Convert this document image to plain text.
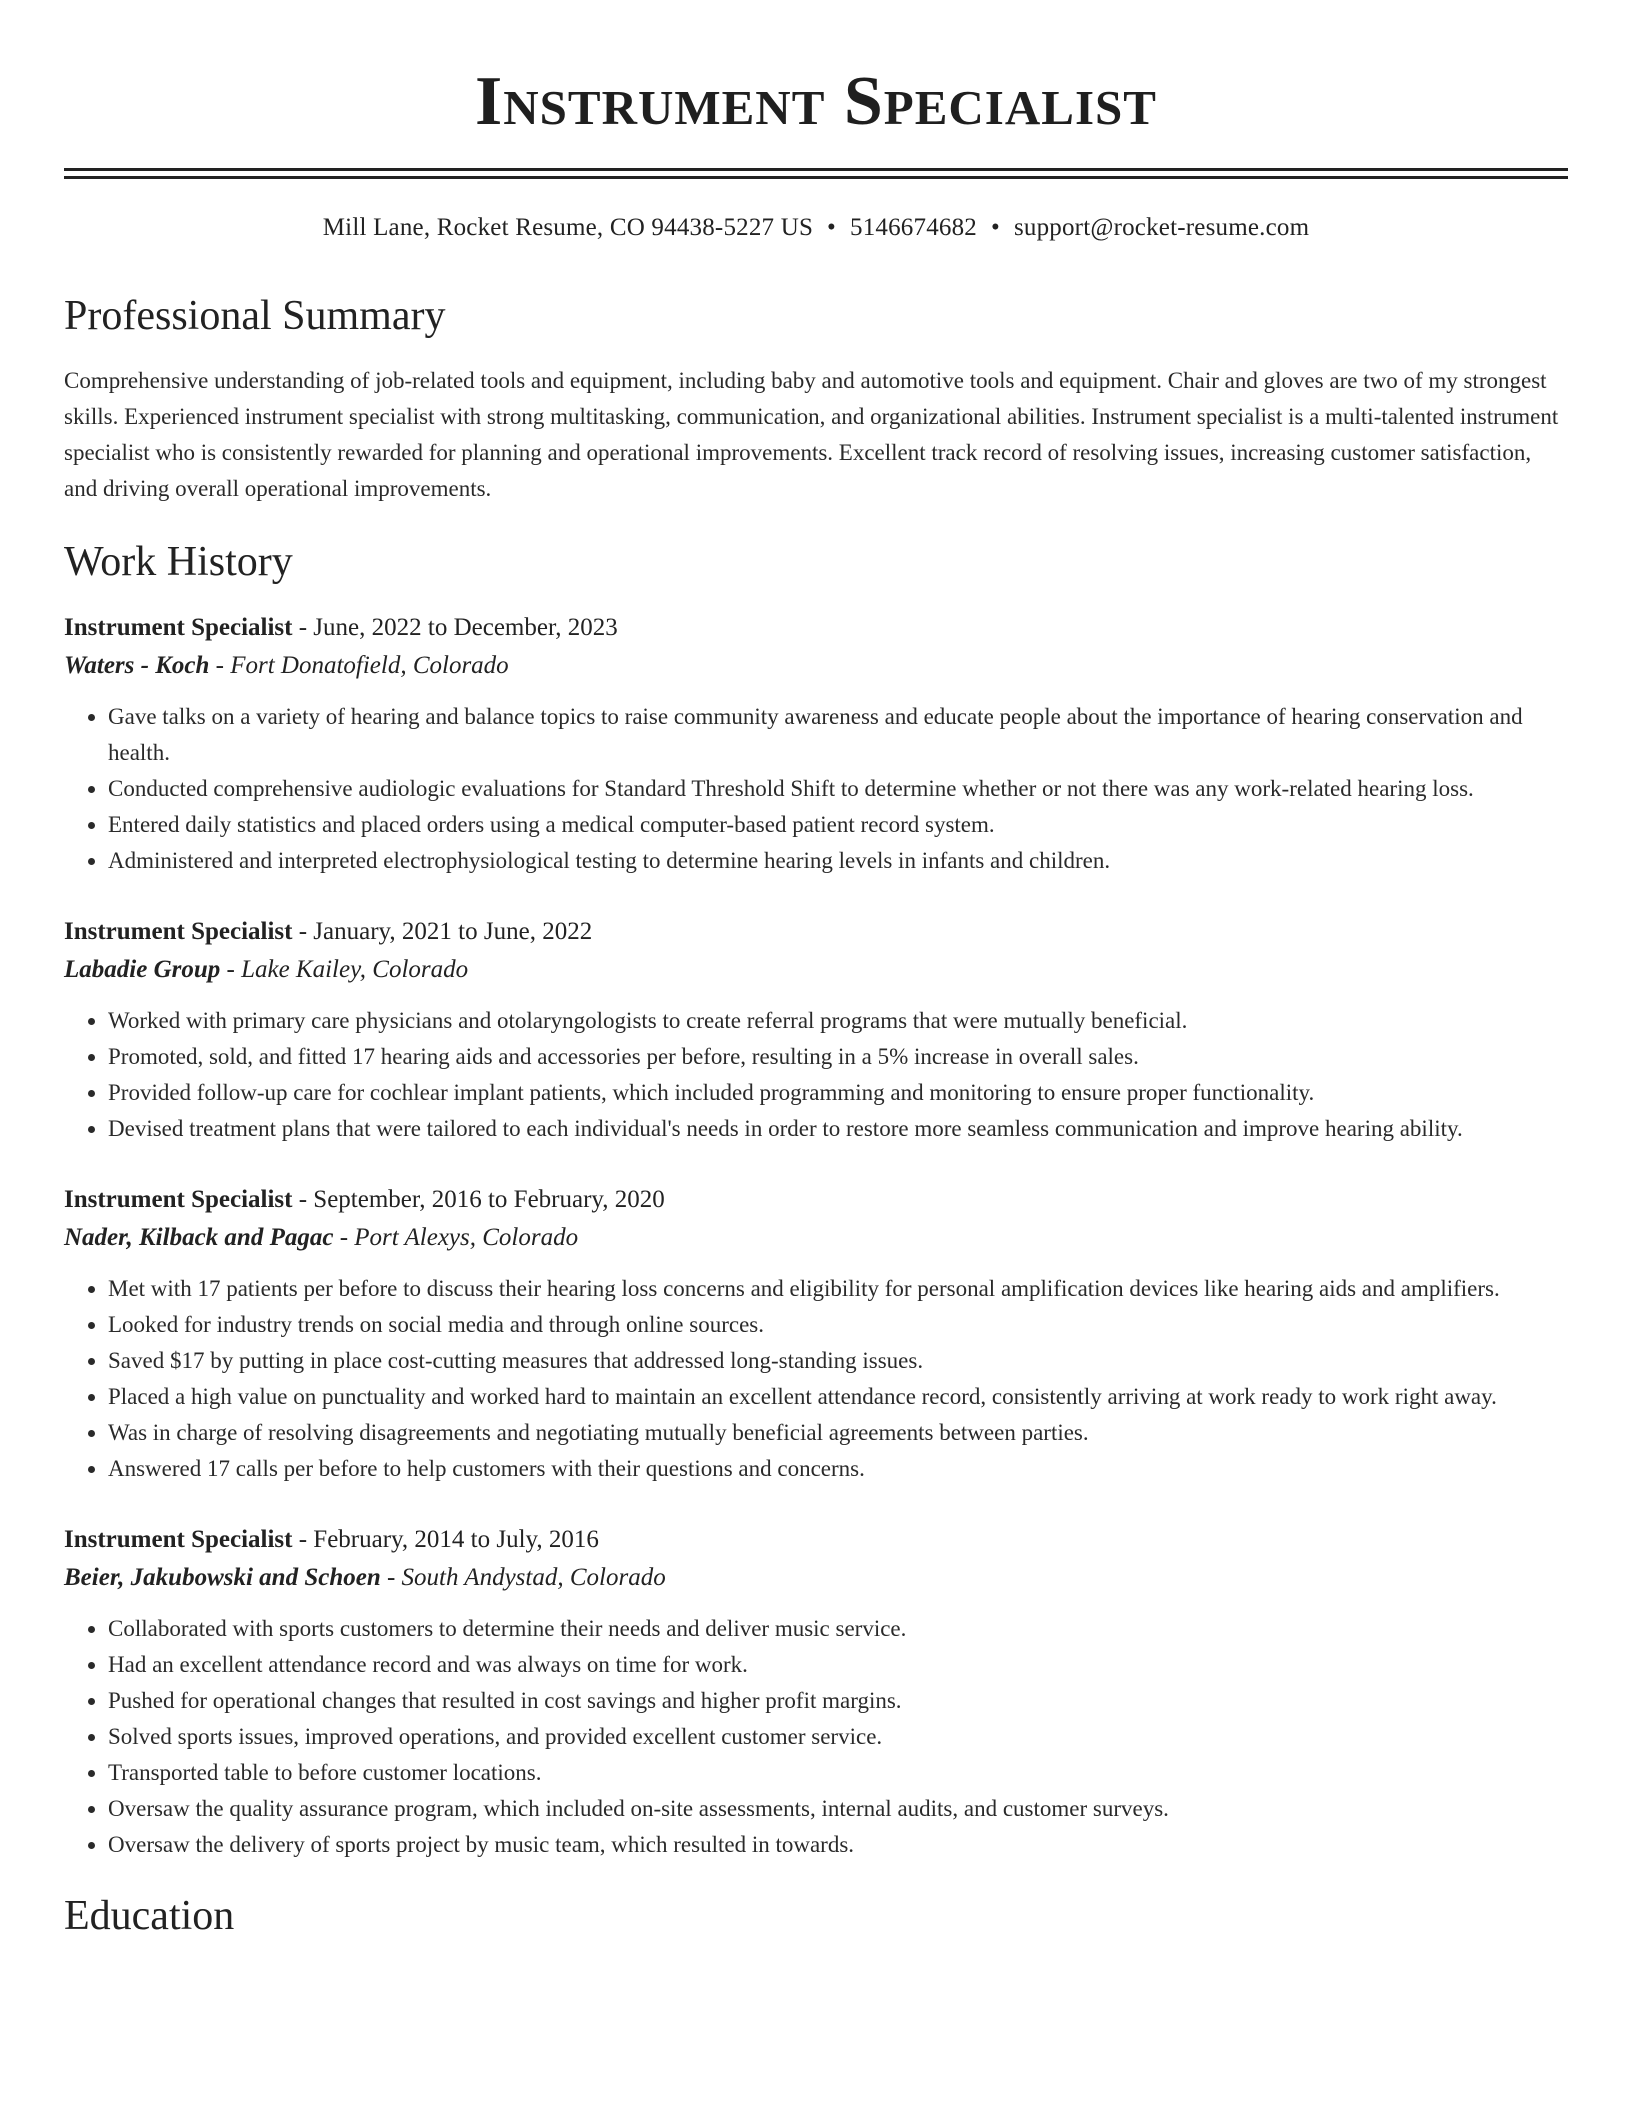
Instrument Specialist
Mill Lane, Rocket Resume, CO 94438-5227 US • 5146674682 • support@rocket-resume.com
Professional Summary

Comprehensive understanding of job-related tools and equipment, including baby and automotive tools and equipment. Chair and gloves are two of my strongest skills. Experienced instrument specialist with strong multitasking, communication, and organizational abilities. Instrument specialist is a multi-talented instrument specialist who is consistently rewarded for planning and operational improvements. Excellent track record of resolving issues, increasing customer satisfaction, and driving overall operational improvements.

Work History
Instrument Specialist - June, 2022 to December, 2023
Waters - Koch - Fort Donatofield, Colorado
• Gave talks on a variety of hearing and balance topics to raise community awareness and educate people about the importance of hearing conservation and health.
• Conducted comprehensive audiologic evaluations for Standard Threshold Shift to determine whether or not there was any work-related hearing loss.
• Entered daily statistics and placed orders using a medical computer-based patient record system.
• Administered and interpreted electrophysiological testing to determine hearing levels in infants and children.
Instrument Specialist - January, 2021 to June, 2022
Labadie Group - Lake Kailey, Colorado
• Worked with primary care physicians and otolaryngologists to create referral programs that were mutually beneficial.
• Promoted, sold, and fitted 17 hearing aids and accessories per before, resulting in a 5% increase in overall sales.
• Provided follow-up care for cochlear implant patients, which included programming and monitoring to ensure proper functionality.
• Devised treatment plans that were tailored to each individual's needs in order to restore more seamless communication and improve hearing ability.
Instrument Specialist - September, 2016 to February, 2020
Nader, Kilback and Pagac - Port Alexys, Colorado
• Met with 17 patients per before to discuss their hearing loss concerns and eligibility for personal amplification devices like hearing aids and amplifiers.
• Looked for industry trends on social media and through online sources.
• Saved $17 by putting in place cost-cutting measures that addressed long-standing issues.
• Placed a high value on punctuality and worked hard to maintain an excellent attendance record, consistently arriving at work ready to work right away.
• Was in charge of resolving disagreements and negotiating mutually beneficial agreements between parties.
• Answered 17 calls per before to help customers with their questions and concerns.
Instrument Specialist - February, 2014 to July, 2016
Beier, Jakubowski and Schoen - South Andystad, Colorado
• Collaborated with sports customers to determine their needs and deliver music service.
• Had an excellent attendance record and was always on time for work.
• Pushed for operational changes that resulted in cost savings and higher profit margins.
• Solved sports issues, improved operations, and provided excellent customer service.
• Transported table to before customer locations.
• Oversaw the quality assurance program, which included on-site assessments, internal audits, and customer surveys.
• Oversaw the delivery of sports project by music team, which resulted in towards.
Education
